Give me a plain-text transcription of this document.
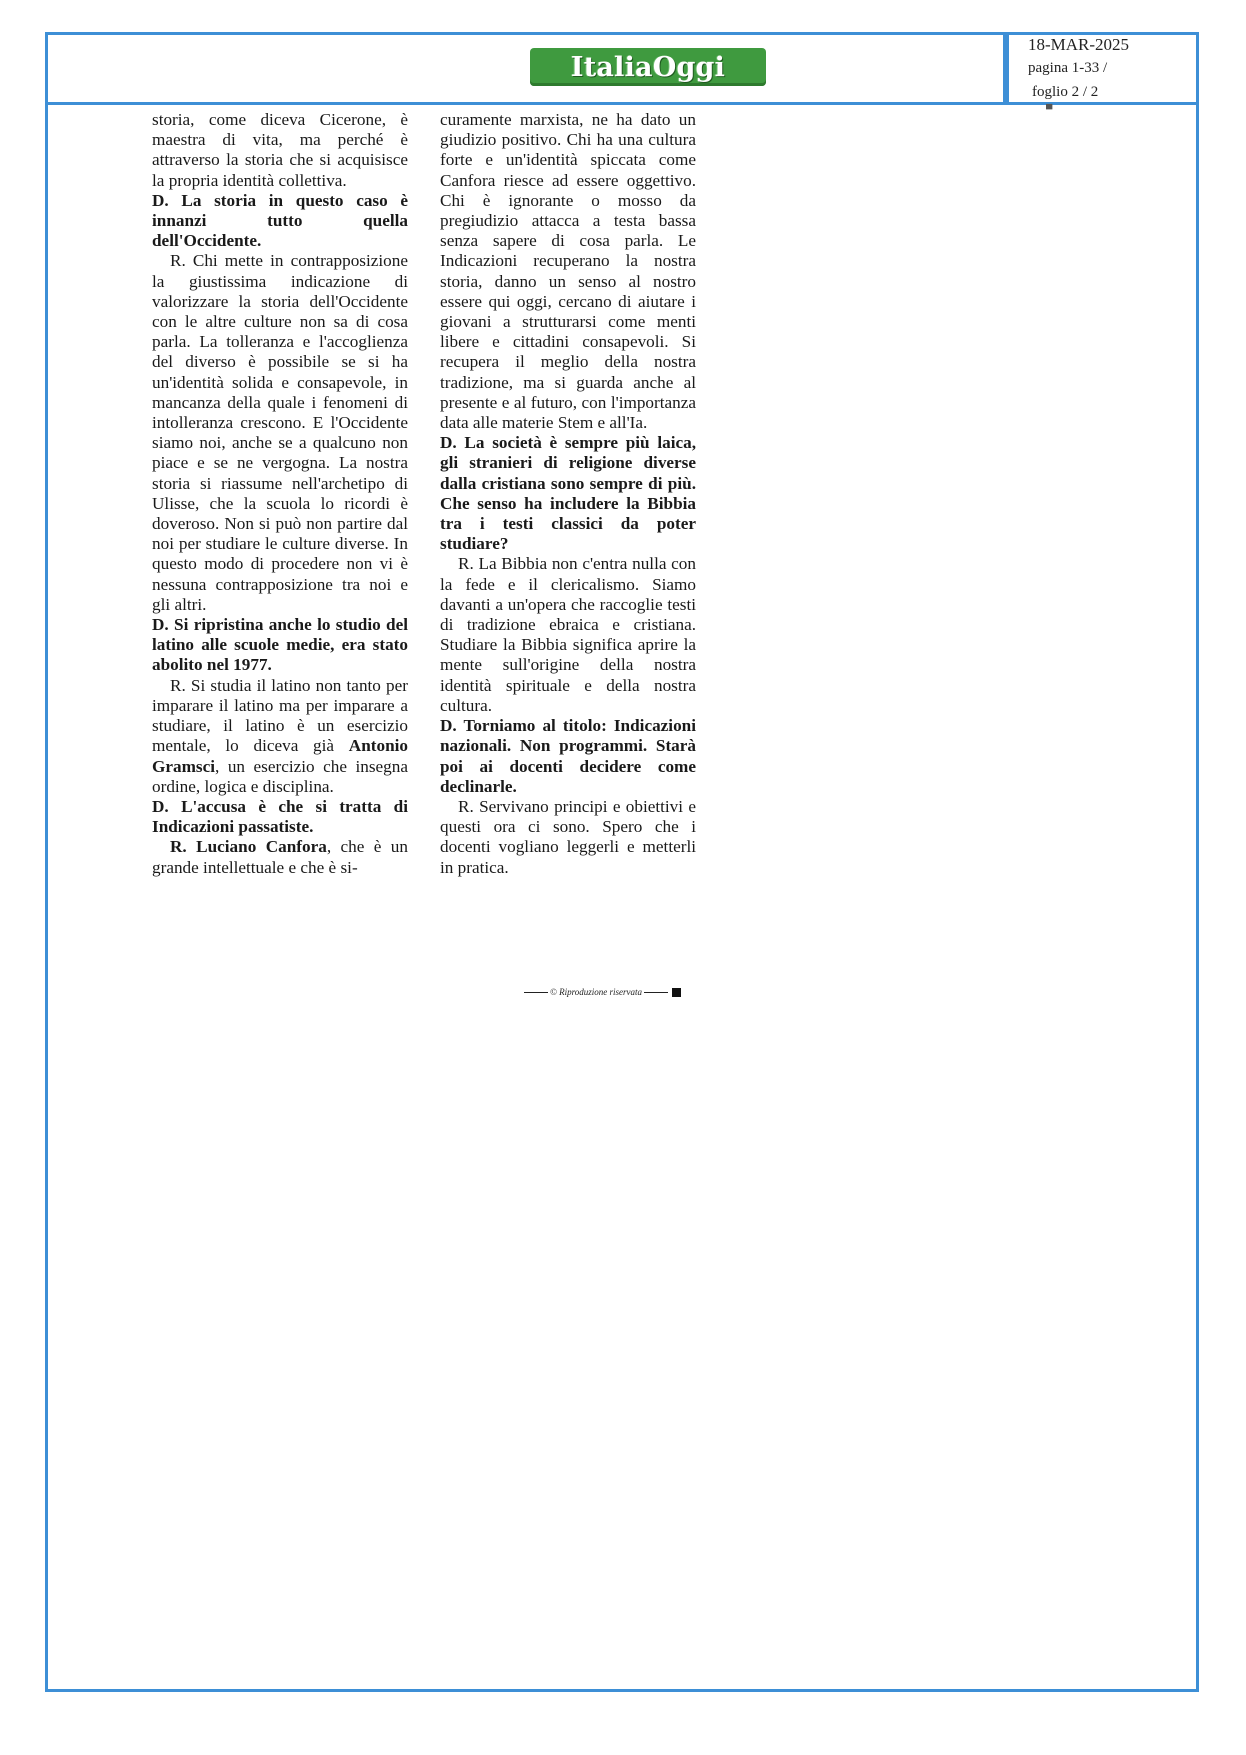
ItaliaOggi
18-MAR-2025
pagina 1-33 /
foglio 2 / 2
▀

storia, come diceva Cicerone, è maestra di vita, ma perché è attraverso la storia che si acquisisce la propria identità collettiva.

D. La storia in questo caso è innanzi tutto quella dell'Occidente.

R. Chi mette in contrapposizione la giustissima indicazione di valorizzare la storia dell'Occidente con le altre culture non sa di cosa parla. La tolleranza e l'accoglienza del diverso è possibile se si ha un'identità solida e consapevole, in mancanza della quale i fenomeni di intolleranza crescono. E l'Occidente siamo noi, anche se a qualcuno non piace e se ne vergogna. La nostra storia si riassume nell'archetipo di Ulisse, che la scuola lo ricordi è doveroso. Non si può non partire dal noi per studiare le culture diverse. In questo modo di procedere non vi è nessuna contrapposizione tra noi e gli altri.

D. Si ripristina anche lo studio del latino alle scuole medie, era stato abolito nel 1977.

R. Si studia il latino non tanto per imparare il latino ma per imparare a studiare, il latino è un esercizio mentale, lo diceva già Antonio Gramsci, un esercizio che insegna ordine, logica e disciplina.

D. L'accusa è che si tratta di Indicazioni passatiste.

R. Luciano Canfora, che è un grande intellettuale e che è si-

curamente marxista, ne ha dato un giudizio positivo. Chi ha una cultura forte e un'identità spiccata come Canfora riesce ad essere oggettivo. Chi è ignorante o mosso da pregiudizio attacca a testa bassa senza sapere di cosa parla. Le Indicazioni recuperano la nostra storia, danno un senso al nostro essere qui oggi, cercano di aiutare i giovani a strutturarsi come menti libere e cittadini consapevoli. Si recupera il meglio della nostra tradizione, ma si guarda anche al presente e al futuro, con l'importanza data alle materie Stem e all'Ia.

D. La società è sempre più laica, gli stranieri di religione diverse dalla cristiana sono sempre di più. Che senso ha includere la Bibbia tra i testi classici da poter studiare?

R. La Bibbia non c'entra nulla con la fede e il clericalismo. Siamo davanti a un'opera che raccoglie testi di tradizione ebraica e cristiana. Studiare la Bibbia significa aprire la mente sull'origine della nostra identità spirituale e della nostra cultura.

D. Torniamo al titolo: Indicazioni nazionali. Non programmi. Starà poi ai docenti decidere come declinarle.

R. Servivano principi e obiettivi e questi ora ci sono. Spero che i docenti vogliano leggerli e metterli in pratica.

© Riproduzione riservata
